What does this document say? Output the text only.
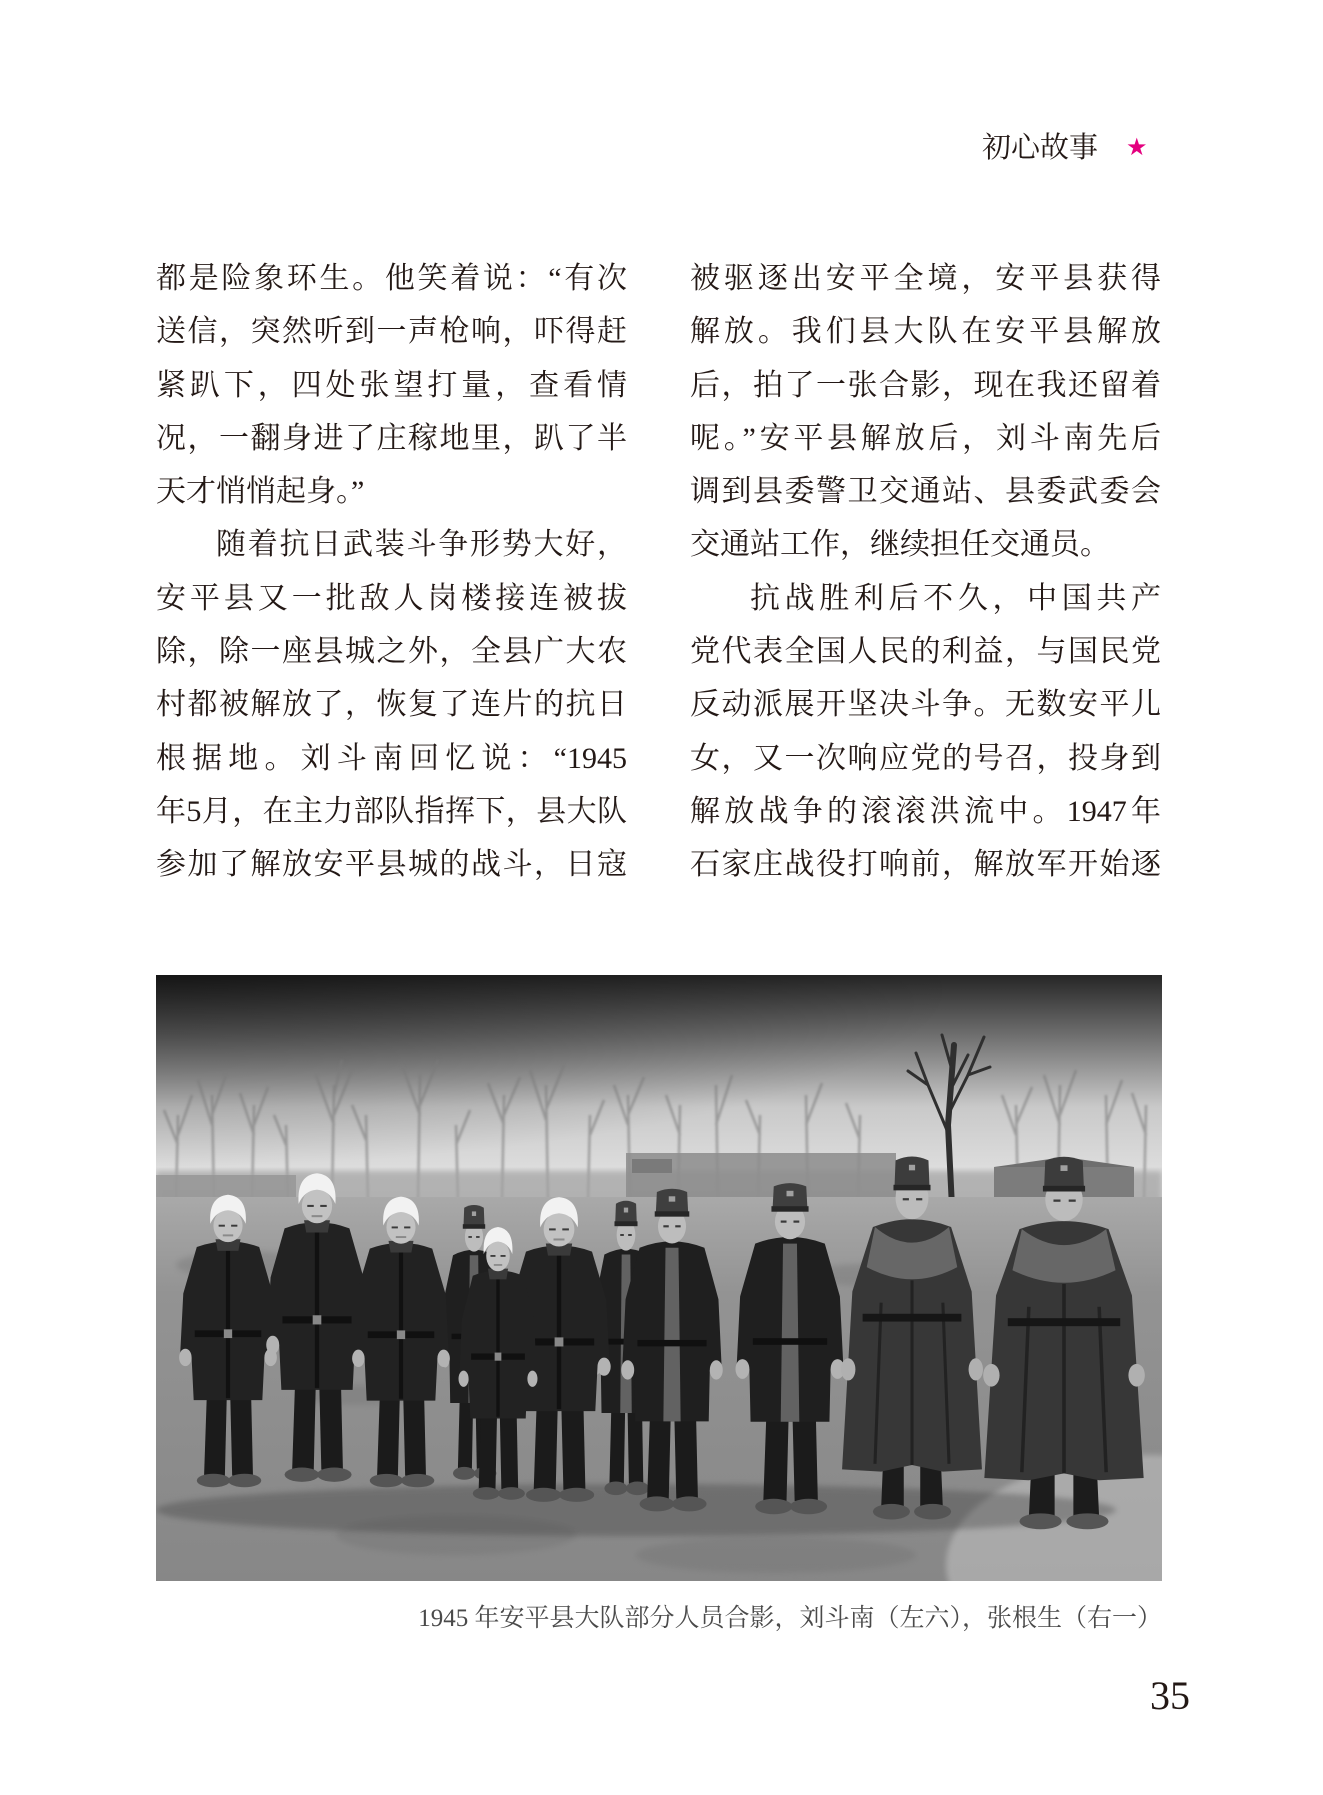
初心故事 ★
都是险象环生。他笑着说：“有次
送信，突然听到一声枪响，吓得赶
紧趴下，四处张望打量，查看情
况，一翻身进了庄稼地里，趴了半
天才悄悄起身。”
随着抗日武装斗争形势大好，
安平县又一批敌人岗楼接连被拔
除，除一座县城之外，全县广大农
村都被解放了，恢复了连片的抗日
根据地。刘斗南回忆说：“1945
年5月，在主力部队指挥下，县大队
参加了解放安平县城的战斗，日寇
被驱逐出安平全境，安平县获得
解放。我们县大队在安平县解放
后，拍了一张合影，现在我还留着
呢。”安平县解放后，刘斗南先后
调到县委警卫交通站、县委武委会
交通站工作，继续担任交通员。
抗战胜利后不久，中国共产
党代表全国人民的利益，与国民党
反动派展开坚决斗争。无数安平儿
女，又一次响应党的号召，投身到
解放战争的滚滚洪流中。1947年
石家庄战役打响前，解放军开始逐
1945 年安平县大队部分人员合影，刘斗南（左六），张根生（右一）
35
